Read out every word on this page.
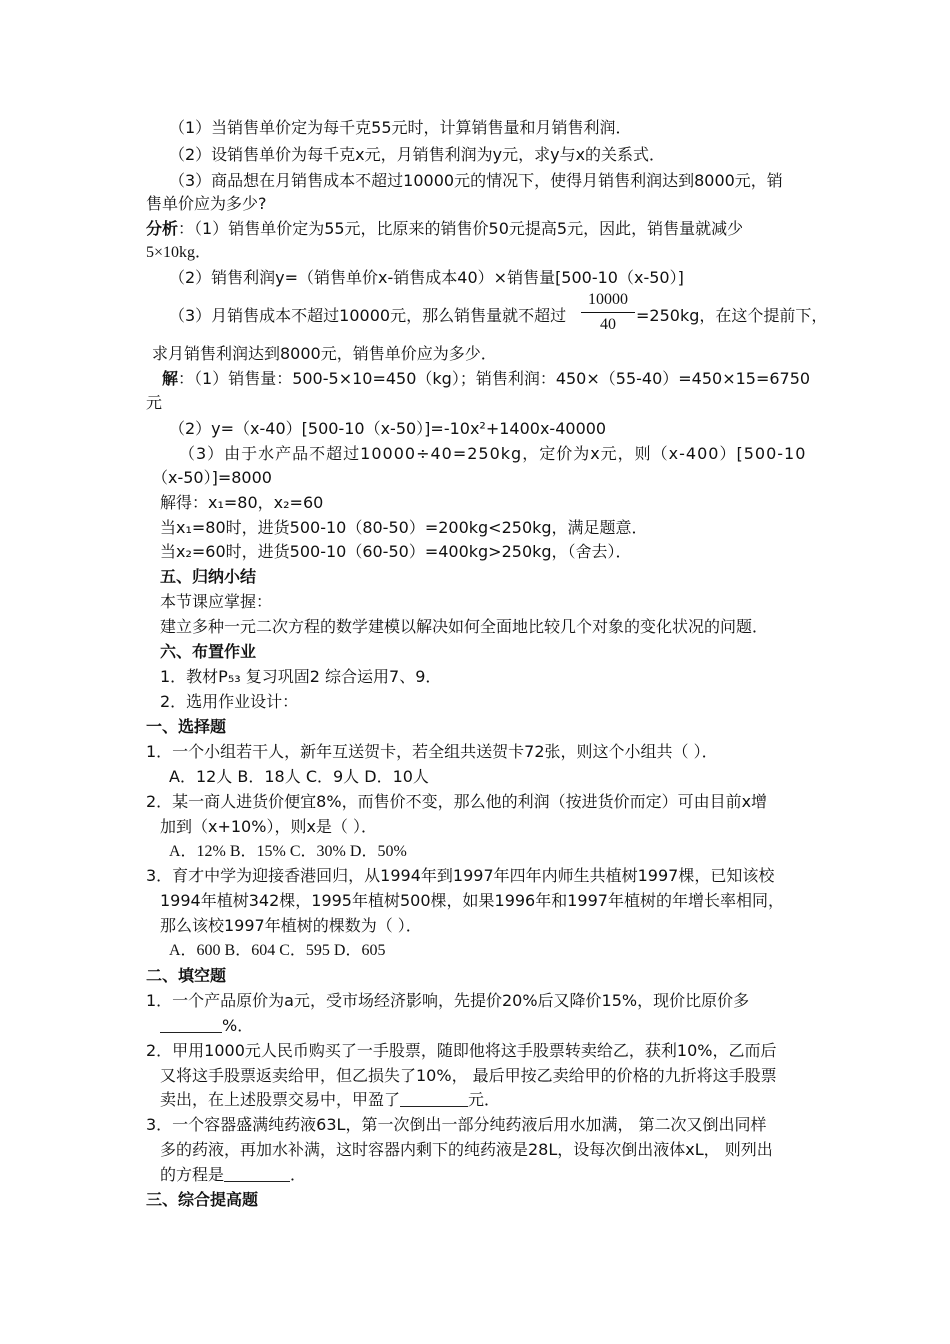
（1）当销售单价定为每千克55元时，计算销售量和月销售利润．
（2）设销售单价为每千克x元，月销售利润为y元，求y与x的关系式．
（3）商品想在月销售成本不超过10000元的情况下，使得月销售利润达到8000元，销
售单价应为多少?
分析：（1）销售单价定为55元，比原来的销售价50元提高5元，因此，销售量就减少
5×10kg．
（2）销售利润y=（销售单价x-销售成本40）×销售量[500-10（x-50）]
（3）月销售成本不超过10000元，那么销售量就不超过 $\frac{10000}{40} =250kg$，在这个提前下，
求月销售利润达到8000元，销售单价应为多少．
解：（1）销售量：500-5×10=450（kg）；销售利润：450×（55-40）=450×15=6750
元
（2）y=（x-40）[500-10（x-50）]=-10x²+1400x-40000
（3）由于水产品不超过10000÷40=250kg，定价为x元，则（x-400）[500-10
（x-50）]=8000
解得：x₁=80，x₂=60
当x₁=80时，进货500-10（80-50）=200kg<250kg，满足题意．
当x₂=60时，进货500-10（60-50）=400kg>250kg，（舍去）．
五、归纳小结
本节课应掌握：
建立多种一元二次方程的数学建模以解决如何全面地比较几个对象的变化状况的问题．
六、布置作业
1．教材P₅₃ 复习巩固2 综合运用7、9．
2．选用作业设计：
一、选择题
1．一个小组若干人，新年互送贺卡，若全组共送贺卡72张，则这个小组共（ ）．
A．12人 B．18人 C．9人 D．10人
2．某一商人进货价便宜8%，而售价不变，那么他的利润（按进货价而定）可由目前x增
加到（x+10%），则x是（ ）．
A．12% B．15% C．30% D．50%
3．育才中学为迎接香港回归，从1994年到1997年四年内师生共植树1997棵，已知该校
1994年植树342棵，1995年植树500棵，如果1996年和1997年植树的年增长率相同，
那么该校1997年植树的棵数为（ ）．
A．600 B．604 C．595 D．605
二、填空题
1．一个产品原价为a元，受市场经济影响，先提价20%后又降价15%，现价比原价多
%．
2．甲用1000元人民币购买了一手股票，随即他将这手股票转卖给乙，获利10%，乙而后
又将这手股票返卖给甲，但乙损失了10%， 最后甲按乙卖给甲的价格的九折将这手股票
卖出，在上述股票交易中，甲盈了	元．
3．一个容器盛满纯药液63L，第一次倒出一部分纯药液后用水加满， 第二次又倒出同样
多的药液，再加水补满，这时容器内剩下的纯药液是28L，设每次倒出液体xL， 则列出
的方程是	．
三、综合提高题
